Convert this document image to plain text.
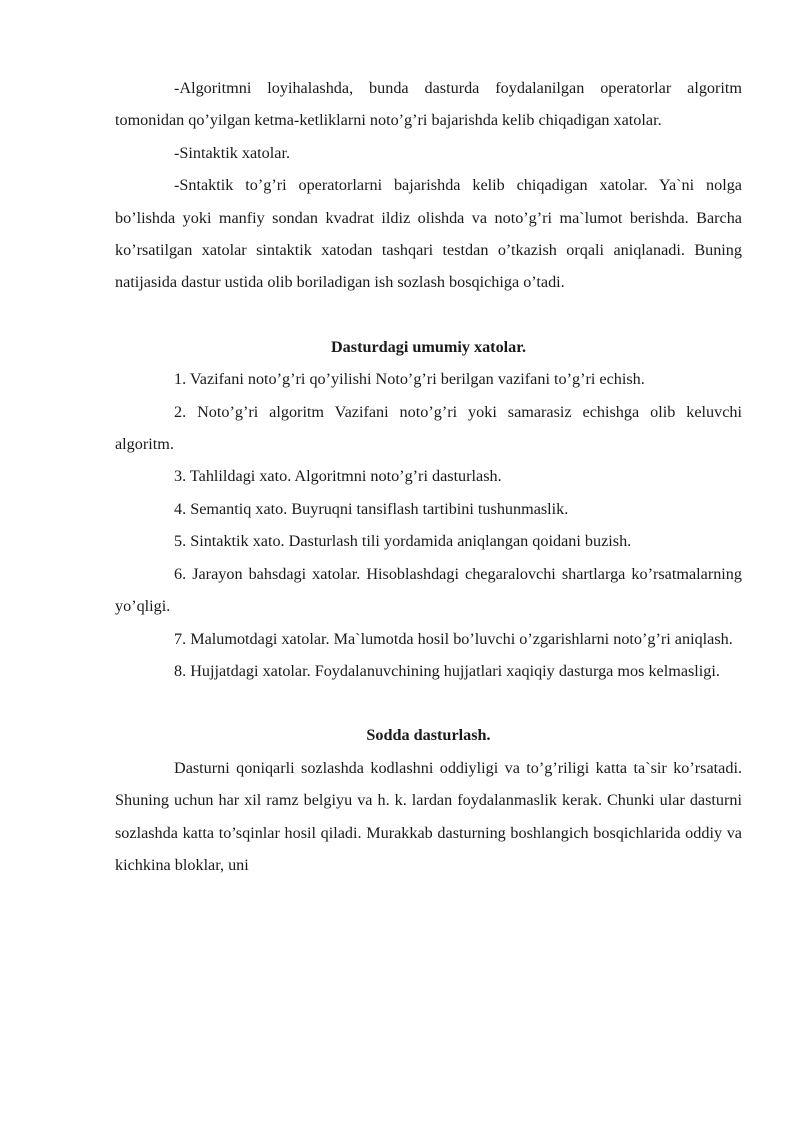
-Algoritmni loyihalashda, bunda dasturda foydalanilgan operatorlar algoritm tomonidan qo’yilgan ketma-ketliklarni noto’g’ri bajarishda kelib chiqadigan xatolar.

-Sintaktik xatolar.

-Sntaktik to’g’ri operatorlarni bajarishda kelib chiqadigan xatolar. Ya`ni nolga bo’lishda yoki manfiy sondan kvadrat ildiz olishda va noto’g’ri ma`lumot berishda. Barcha ko’rsatilgan xatolar sintaktik xatodan tashqari testdan o’tkazish orqali aniqlanadi. Buning natijasida dastur ustida olib boriladigan ish sozlash bosqichiga o’tadi.

Dasturdagi umumiy xatolar.

1. Vazifani noto’g’ri qo’yilishi Noto’g’ri berilgan vazifani to’g’ri echish.

2. Noto’g’ri algoritm Vazifani noto’g’ri yoki samarasiz echishga olib keluvchi algoritm.

3. Tahlildagi xato. Algoritmni noto’g’ri dasturlash.

4. Semantiq xato. Buyruqni tansiflash tartibini tushunmaslik.

5. Sintaktik xato. Dasturlash tili yordamida aniqlangan qoidani buzish.

6. Jarayon bahsdagi xatolar. Hisoblashdagi chegaralovchi shartlarga ko’rsatmalarning yo’qligi.

7. Malumotdagi xatolar. Ma`lumotda hosil bo’luvchi o’zgarishlarni noto’g’ri aniqlash.

8. Hujjatdagi xatolar. Foydalanuvchining hujjatlari xaqiqiy dasturga mos kelmasligi.

Sodda dasturlash.

Dasturni qoniqarli sozlashda kodlashni oddiyligi va to’g’riligi katta ta`sir ko’rsatadi. Shuning uchun har xil ramz belgiyu va h. k. lardan foydalanmaslik kerak. Chunki ular dasturni sozlashda katta to’sqinlar hosil qiladi. Murakkab dasturning boshlangich bosqichlarida oddiy va kichkina bloklar, uni
